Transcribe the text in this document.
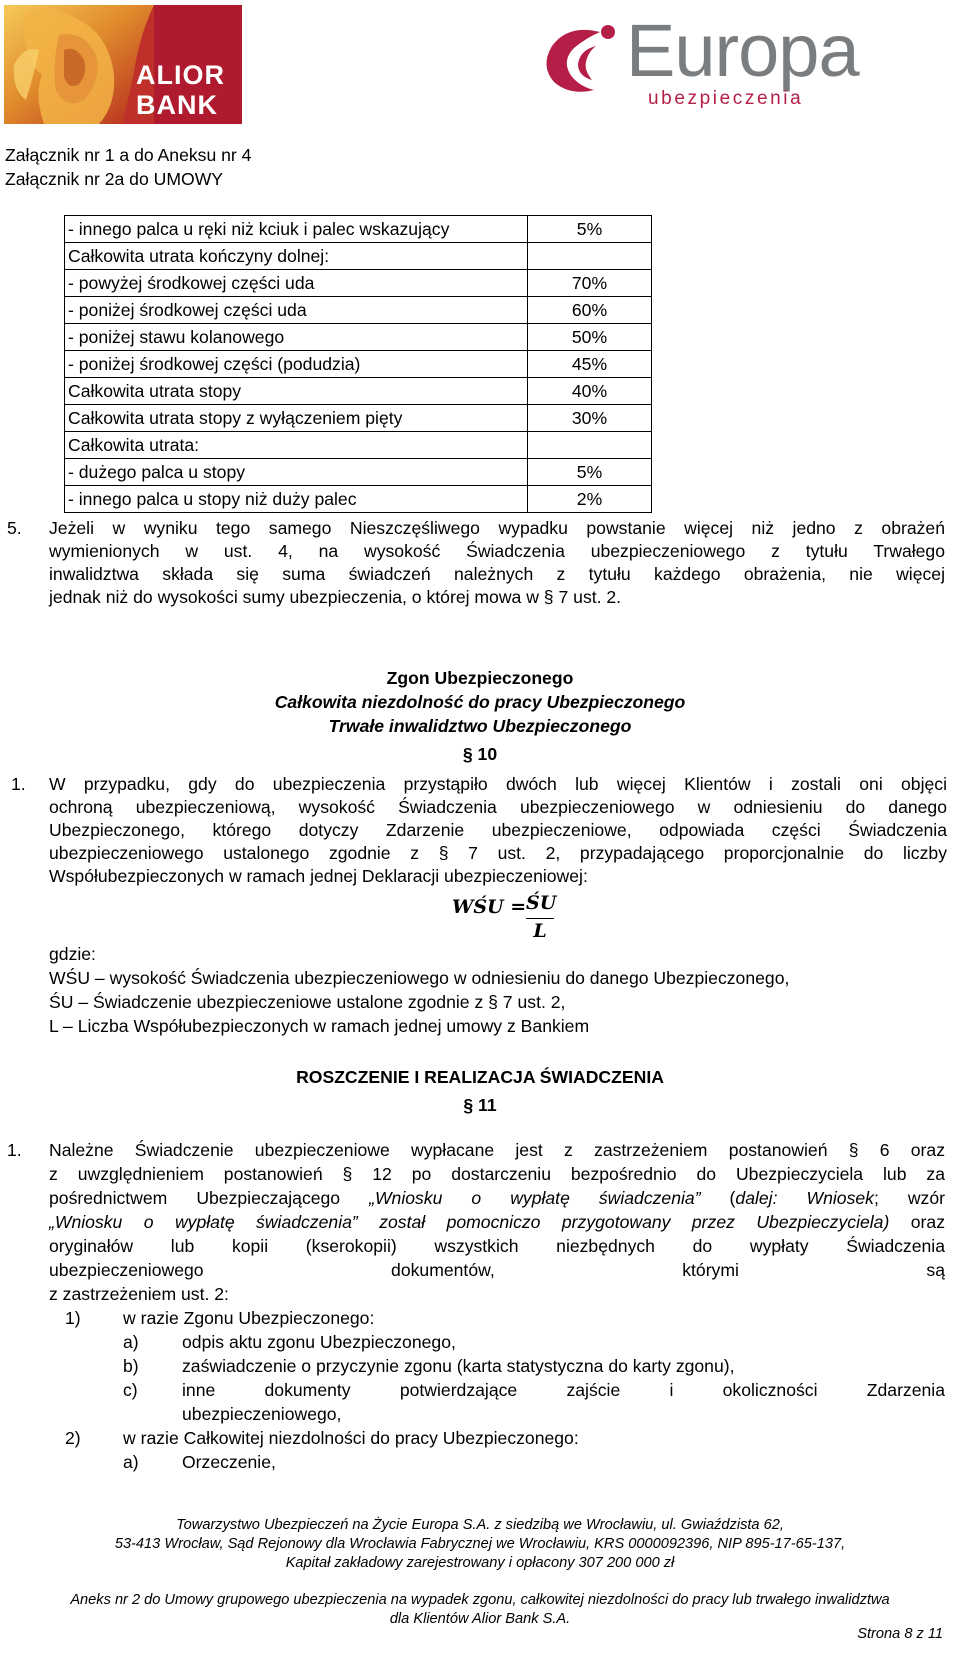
ALIOR
BANK
Europa
ubezpieczenia
Załącznik nr 1 a do Aneksu nr 4
Załącznik nr 2a do UMOWY
- innego palca u ręki niż kciuk i palec wskazujący	5%
Całkowita utrata kończyny dolnej:	
- powyżej środkowej części uda	70%
- poniżej środkowej części uda	60%
- poniżej stawu kolanowego	50%
- poniżej środkowej części (podudzia)	45%
Całkowita utrata stopy	40%
Całkowita utrata stopy z wyłączeniem pięty	30%
Całkowita utrata:	
- dużego palca u stopy	5%
- innego palca u stopy niż duży palec	2%
5. Jeżeli w wyniku tego samego Nieszczęśliwego wypadku powstanie więcej niż jedno z obrażeń
wymienionych w ust. 4, na wysokość Świadczenia ubezpieczeniowego z tytułu Trwałego
inwalidztwa składa się suma świadczeń należnych z tytułu każdego obrażenia, nie więcej
jednak niż do wysokości sumy ubezpieczenia, o której mowa w § 7 ust. 2.
Zgon Ubezpieczonego
Całkowita niezdolność do pracy Ubezpieczonego
Trwałe inwalidztwo Ubezpieczonego
§ 10
1. W przypadku, gdy do ubezpieczenia przystąpiło dwóch lub więcej Klientów i zostali oni objęci
ochroną ubezpieczeniową, wysokość Świadczenia ubezpieczeniowego w odniesieniu do danego
Ubezpieczonego, którego dotyczy Zdarzenie ubezpieczeniowe, odpowiada części Świadczenia
ubezpieczeniowego ustalonego zgodnie z § 7 ust. 2, przypadającego proporcjonalnie do liczby
Współubezpieczonych w ramach jednej Deklaracji ubezpieczeniowej:
WŚU = ŚU
L
gdzie:
WŚU – wysokość Świadczenia ubezpieczeniowego w odniesieniu do danego Ubezpieczonego,
ŚU – Świadczenie ubezpieczeniowe ustalone zgodnie z § 7 ust. 2,
L – Liczba Współubezpieczonych w ramach jednej umowy z Bankiem
ROSZCZENIE I REALIZACJA ŚWIADCZENIA
§ 11
1. Należne Świadczenie ubezpieczeniowe wypłacane jest z zastrzeżeniem postanowień § 6 oraz
z uwzględnieniem postanowień § 12 po dostarczeniu bezpośrednio do Ubezpieczyciela lub za
pośrednictwem Ubezpieczającego „Wniosku o wypłatę świadczenia” (dalej: Wniosek; wzór
„Wniosku o wypłatę świadczenia” został pomocniczo przygotowany przez Ubezpieczyciela) oraz
oryginałów lub kopii (kserokopii) wszystkich niezbędnych do wypłaty Świadczenia
ubezpieczeniowego dokumentów, którymi są
z zastrzeżeniem ust. 2:
1) w razie Zgonu Ubezpieczonego:
a) odpis aktu zgonu Ubezpieczonego,
b) zaświadczenie o przyczynie zgonu (karta statystyczna do karty zgonu),
c)	inne dokumenty potwierdzające zajście i okoliczności Zdarzenia
ubezpieczeniowego,
2) w razie Całkowitej niezdolności do pracy Ubezpieczonego:
a) Orzeczenie,
Towarzystwo Ubezpieczeń na Życie Europa S.A. z siedzibą we Wrocławiu, ul. Gwiaździsta 62,
53-413 Wrocław, Sąd Rejonowy dla Wrocławia Fabrycznej we Wrocławiu, KRS 0000092396, NIP 895-17-65-137,
Kapitał zakładowy zarejestrowany i opłacony 307 200 000 zł
Aneks nr 2 do Umowy grupowego ubezpieczenia na wypadek zgonu, całkowitej niezdolności do pracy lub trwałego inwalidztwa
dla Klientów Alior Bank S.A.
Strona 8 z 11
